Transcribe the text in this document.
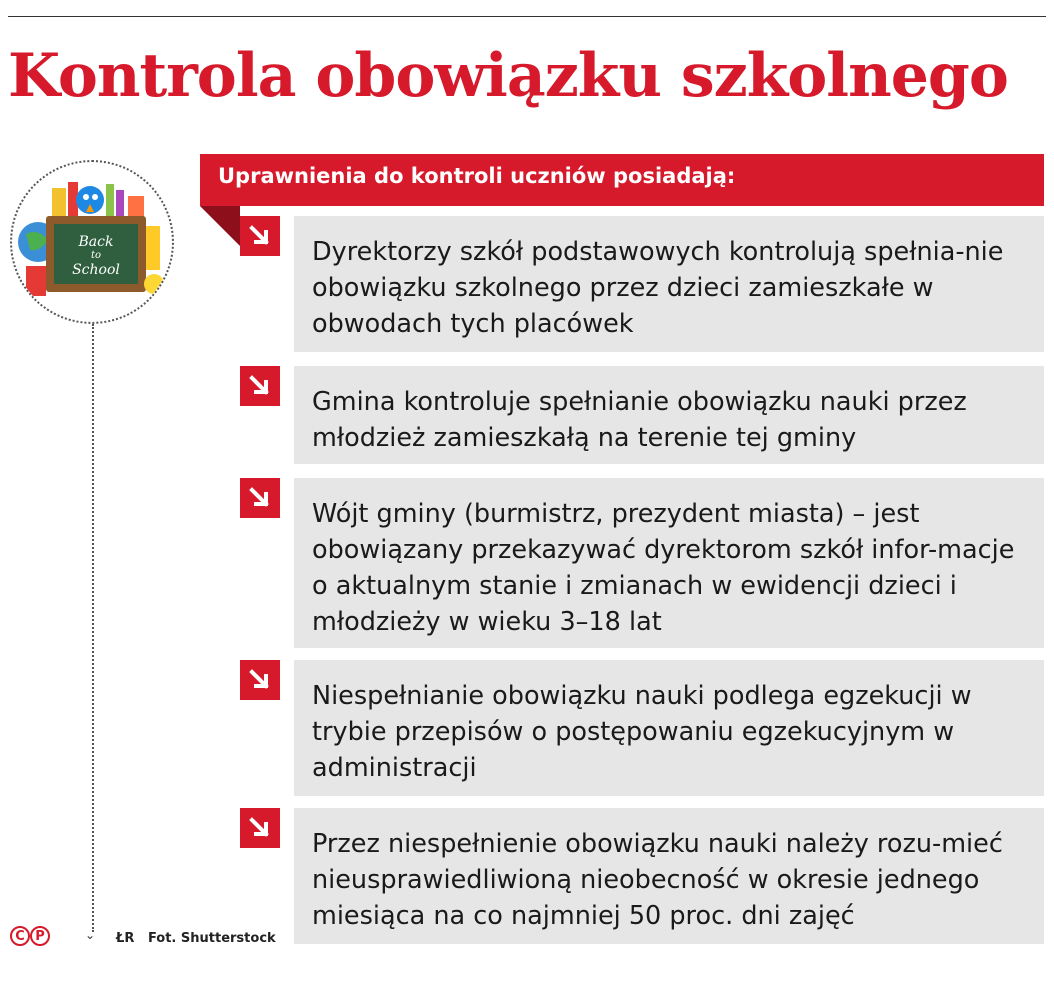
Kontrola obowiązku szkolnego
Back
to
School
⌄
Uprawnienia do kontroli uczniów posiadają:
Dyrektorzy szkół podstawowych kontrolują spełnia-nie obowiązku szkolnego przez dzieci zamieszkałe w obwodach tych placówek
Gmina kontroluje spełnianie obowiązku nauki przez młodzież zamieszkałą na terenie tej gminy
Wójt gminy (burmistrz, prezydent miasta) – jest obowiązany przekazywać dyrektorom szkół infor-macje o aktualnym stanie i zmianach w ewidencji dzieci i młodzieży w wieku 3–18 lat
Niespełnianie obowiązku nauki podlega egzekucji w trybie przepisów o postępowaniu egzekucyjnym w administracji
Przez niespełnienie obowiązku nauki należy rozu-mieć nieusprawiedliwioną nieobecność w okresie jednego miesiąca na co najmniej 50 proc. dni zajęć
C P	ŁR Fot. Shutterstock
